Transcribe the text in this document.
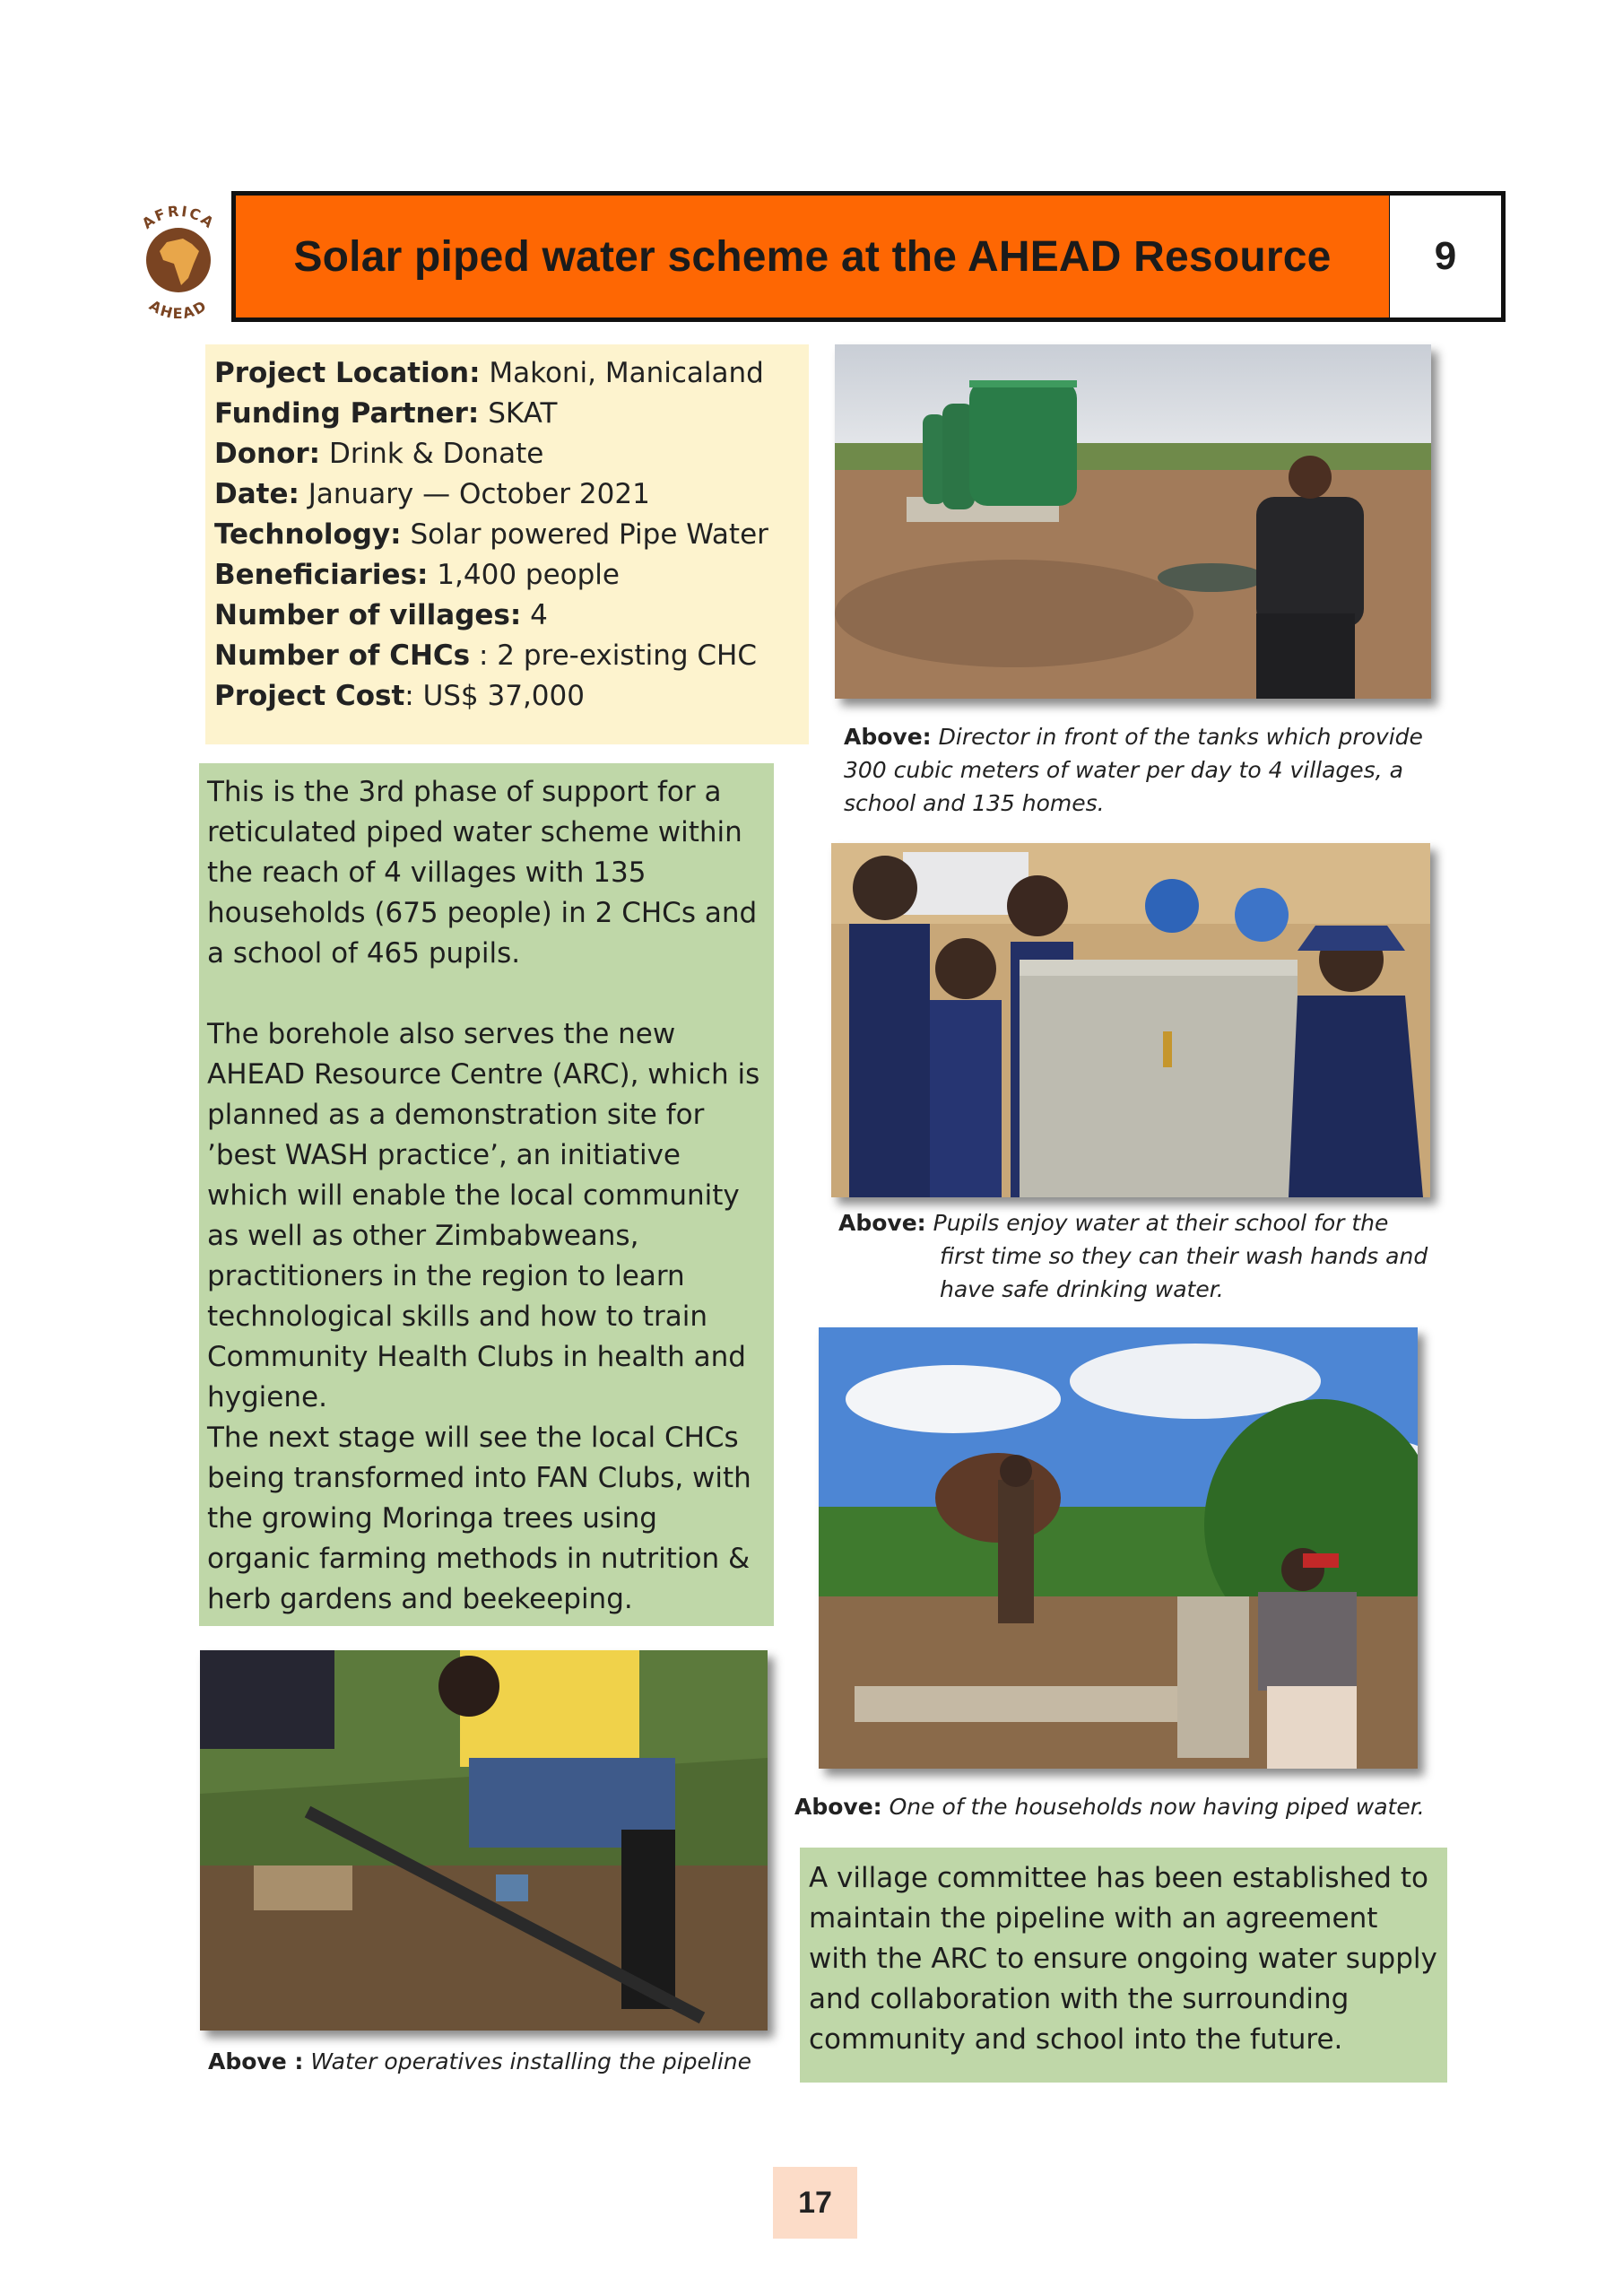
AFRICA
AHEAD
Solar piped water scheme at the AHEAD Resource	9
Project Location: Makoni, Manicaland
Funding Partner: SKAT
Donor: Drink & Donate
Date: January — October 2021
Technology: Solar powered Pipe Water
Beneficiaries: 1,400 people
Number of villages: 4
Number of CHCs : 2 pre-existing CHC
Project Cost: US$ 37,000
Above: Director in front of the tanks which provide 300 cubic meters of water per day to 4 villages, a school and 135 homes.

This is the 3rd phase of support for a reticulated piped water scheme within the reach of 4 villages with 135 households (675 people) in 2 CHCs and a school of 465 pupils.

The borehole also serves the new AHEAD Resource Centre (ARC), which is planned as a demonstration site for ’best WASH practice’, an initiative which will enable the local community as well as other Zimbabweans, practitioners in the region to learn technological skills and how to train Community Health Clubs in health and hygiene.

The next stage will see the local CHCs being transformed into FAN Clubs, with the growing Moringa trees using organic farming methods in nutrition & herb gardens and beekeeping.

Above: Pupils enjoy water at their school for the
first time so they can their wash hands and
have safe drinking water.
Above: One of the households now having piped water.
Above : Water operatives installing the pipeline
A village committee has been established to maintain the pipeline with an agreement with the ARC to ensure ongoing water supply and collaboration with the surrounding community and school into the future.
17
